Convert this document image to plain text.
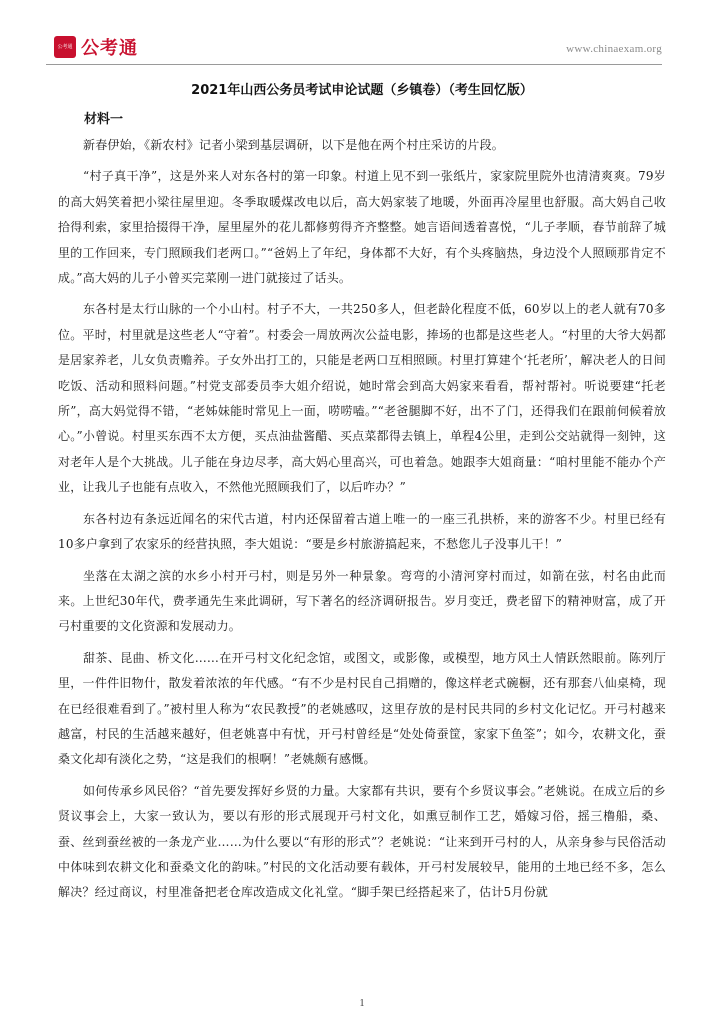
公考通 公考通	www.chinaexam.org
2021年山西公务员考试申论试题（乡镇卷）（考生回忆版）
材料一

新春伊始，《新农村》记者小梁到基层调研，以下是他在两个村庄采访的片段。

“村子真干净”，这是外来人对东各村的第一印象。村道上见不到一张纸片，家家院里院外也清清爽爽。79岁的高大妈笑着把小梁往屋里迎。冬季取暖煤改电以后，高大妈家装了地暖，外面再冷屋里也舒服。高大妈自己收拾得利索，家里拾掇得干净，屋里屋外的花儿都修剪得齐齐整整。她言语间透着喜悦，“儿子孝顺，春节前辞了城里的工作回来，专门照顾我们老两口。”“爸妈上了年纪，身体都不大好，有个头疼脑热，身边没个人照顾那肯定不成。”高大妈的儿子小曾买完菜刚一进门就接过了话头。

东各村是太行山脉的一个小山村。村子不大，一共250多人，但老龄化程度不低，60岁以上的老人就有70多位。平时，村里就是这些老人“守着”。村委会一周放两次公益电影，捧场的也都是这些老人。“村里的大爷大妈都是居家养老，儿女负责赡养。子女外出打工的，只能是老两口互相照顾。村里打算建个‘托老所’，解决老人的日间吃饭、活动和照料问题。”村党支部委员李大姐介绍说，她时常会到高大妈家来看看，帮衬帮衬。听说要建“托老所”，高大妈觉得不错，“老姊妹能时常见上一面，唠唠嗑。”“老爸腿脚不好，出不了门，还得我们在跟前伺候着放心。”小曾说。村里买东西不太方便，买点油盐酱醋、买点菜都得去镇上，单程4公里，走到公交站就得一刻钟，这对老年人是个大挑战。儿子能在身边尽孝，高大妈心里高兴，可也着急。她跟李大姐商量：“咱村里能不能办个产业，让我儿子也能有点收入，不然他光照顾我们了，以后咋办？”

东各村边有条远近闻名的宋代古道，村内还保留着古道上唯一的一座三孔拱桥，来的游客不少。村里已经有10多户拿到了农家乐的经营执照，李大姐说：“要是乡村旅游搞起来，不愁您儿子没事儿干！”

坐落在太湖之滨的水乡小村开弓村，则是另外一种景象。弯弯的小清河穿村而过，如箭在弦，村名由此而来。上世纪30年代，费孝通先生来此调研，写下著名的经济调研报告。岁月变迁，费老留下的精神财富，成了开弓村重要的文化资源和发展动力。

甜茶、昆曲、桥文化……在开弓村文化纪念馆，或图文，或影像，或模型，地方风土人情跃然眼前。陈列厅里，一件件旧物什，散发着浓浓的年代感。“有不少是村民自己捐赠的，像这样老式碗橱，还有那套八仙桌椅，现在已经很难看到了。”被村里人称为“农民教授”的老姚感叹，这里存放的是村民共同的乡村文化记忆。开弓村越来越富，村民的生活越来越好，但老姚喜中有忧，开弓村曾经是“处处倚蚕筐，家家下鱼筌”；如今，农耕文化，蚕桑文化却有淡化之势，“这是我们的根啊！”老姚颇有感慨。

如何传承乡风民俗？“首先要发挥好乡贤的力量。大家都有共识，要有个乡贤议事会。”老姚说。在成立后的乡贤议事会上，大家一致认为，要以有形的形式展现开弓村文化，如熏豆制作工艺，婚嫁习俗，摇三橹船，桑、蚕、丝到蚕丝被的一条龙产业……为什么要以“有形的形式”？老姚说：“让来到开弓村的人，从亲身参与民俗活动中体味到农耕文化和蚕桑文化的韵味。”村民的文化活动要有载体，开弓村发展较早，能用的土地已经不多，怎么解决？经过商议，村里准备把老仓库改造成文化礼堂。“脚手架已经搭起来了，估计5月份就

1
